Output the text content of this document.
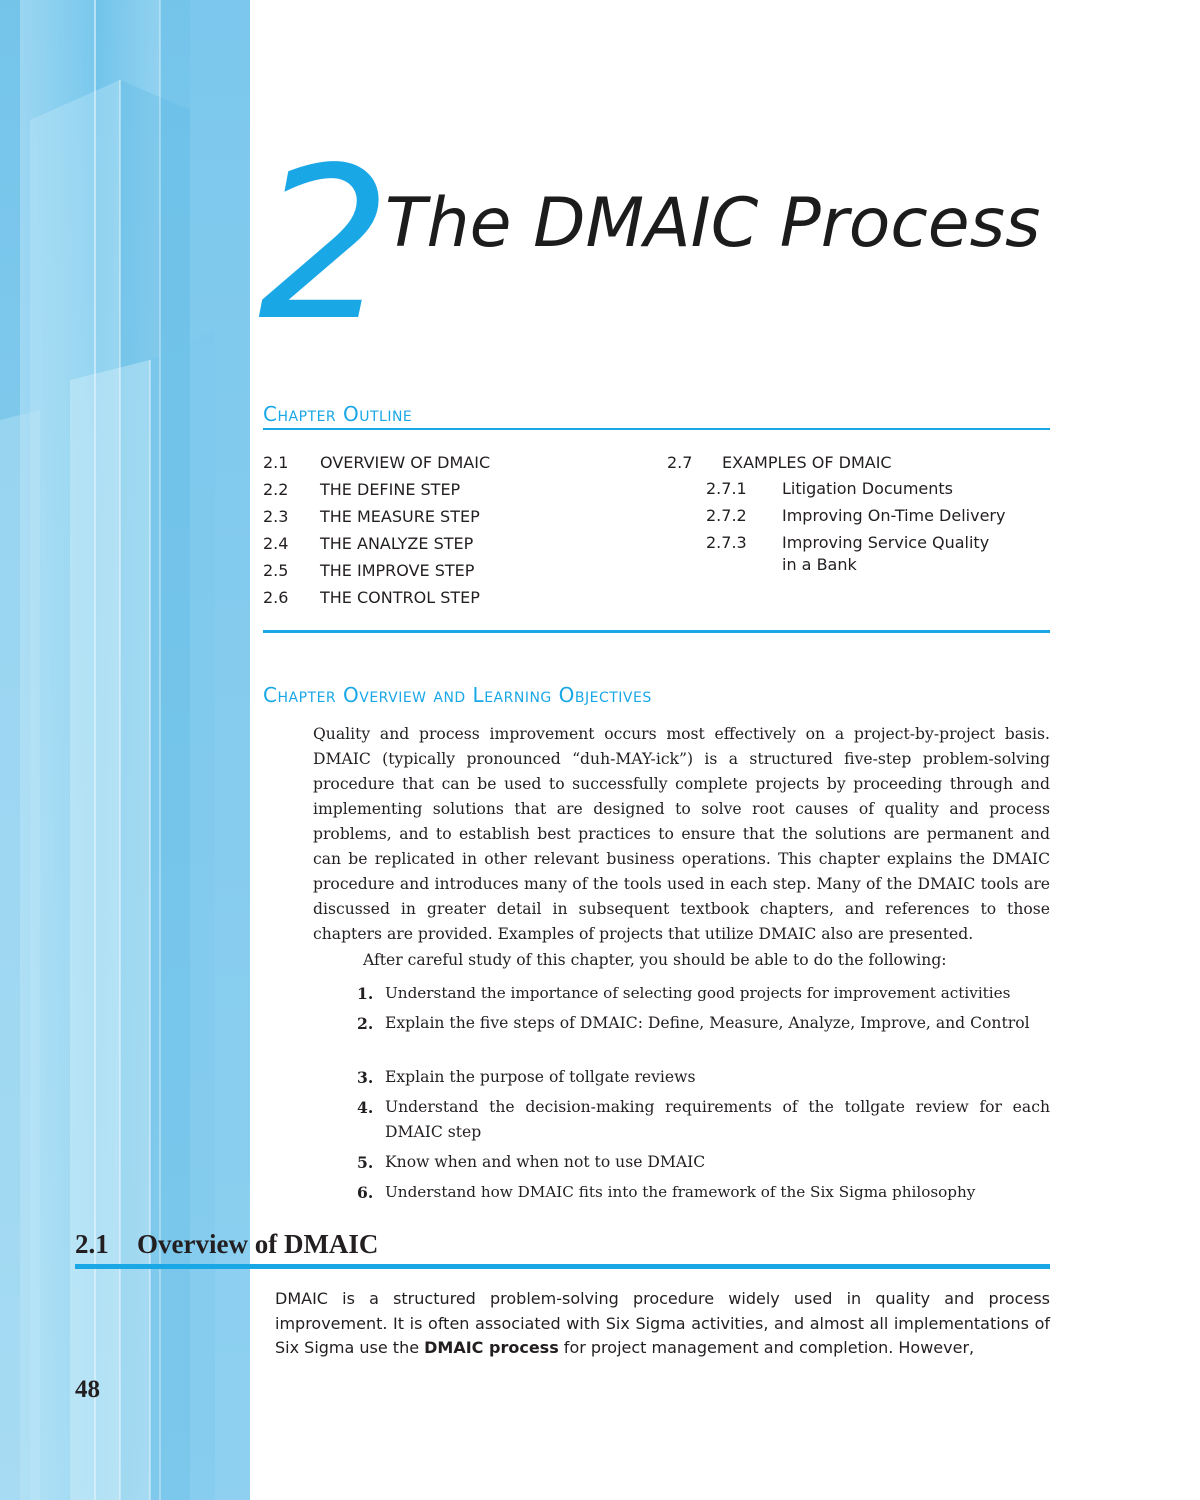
2
The DMAIC Process
Chapter Outline
2.1 OVERVIEW OF DMAIC
2.2 THE DEFINE STEP
2.3 THE MEASURE STEP
2.4 THE ANALYZE STEP
2.5 THE IMPROVE STEP
2.6 THE CONTROL STEP
2.7 EXAMPLES OF DMAIC
2.7.1 Litigation Documents
2.7.2 Improving On-Time Delivery
2.7.3 Improving Service Quality
in a Bank
Chapter Overview and Learning Objectives
Quality and process improvement occurs most effectively on a project-by-project basis. DMAIC (typically pronounced “duh-MAY-ick”) is a structured five-step problem-solving procedure that can be used to successfully complete projects by proceeding through and implementing solutions that are designed to solve root causes of quality and process problems, and to establish best practices to ensure that the solutions are permanent and can be replicated in other relevant business operations. This chapter explains the DMAIC procedure and introduces many of the tools used in each step. Many of the DMAIC tools are discussed in greater detail in subsequent textbook chapters, and references to those chapters are provided. Examples of projects that utilize DMAIC also are presented.
After careful study of this chapter, you should be able to do the following:
1. Understand the importance of selecting good projects for improvement activities
2. Explain the five steps of DMAIC: Define, Measure, Analyze, Improve, and Control
3. Explain the purpose of tollgate reviews
4. Understand the decision-making requirements of the tollgate review for each DMAIC step
5. Know when and when not to use DMAIC
6. Understand how DMAIC fits into the framework of the Six Sigma philosophy
2.1 Overview of DMAIC
DMAIC is a structured problem-solving procedure widely used in quality and process improvement. It is often associated with Six Sigma activities, and almost all implementations of Six Sigma use the DMAIC process for project management and completion. However,
48
